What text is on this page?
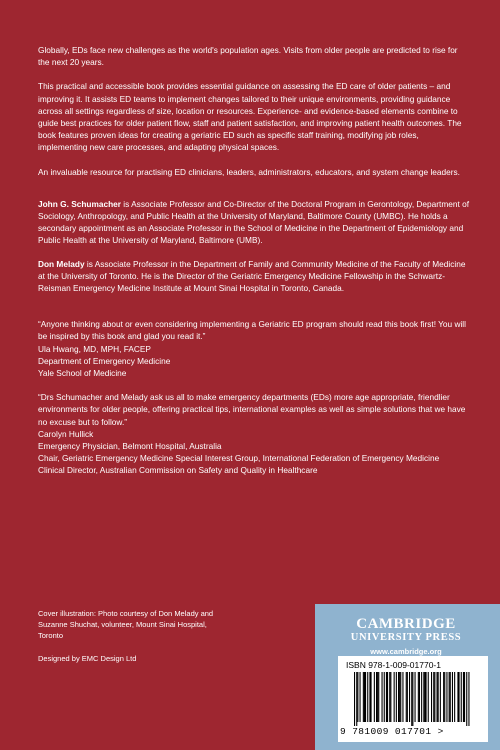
Globally, EDs face new challenges as the world's population ages. Visits from older people are predicted to rise for the next 20 years.

This practical and accessible book provides essential guidance on assessing the ED care of older patients – and improving it. It assists ED teams to implement changes tailored to their unique environments, providing guidance across all settings regardless of size, location or resources. Experience- and evidence-based elements combine to guide best practices for older patient flow, staff and patient satisfaction, and improving patient health outcomes. The book features proven ideas for creating a geriatric ED such as specific staff training, modifying job roles, implementing new care processes, and adapting physical spaces.

An invaluable resource for practising ED clinicians, leaders, administrators, educators, and system change leaders.

John G. Schumacher is Associate Professor and Co-Director of the Doctoral Program in Gerontology, Department of Sociology, Anthropology, and Public Health at the University of Maryland, Baltimore County (UMBC). He holds a secondary appointment as an Associate Professor in the School of Medicine in the Department of Epidemiology and Public Health at the University of Maryland, Baltimore (UMB).

Don Melady is Associate Professor in the Department of Family and Community Medicine of the Faculty of Medicine at the University of Toronto. He is the Director of the Geriatric Emergency Medicine Fellowship in the Schwartz-Reisman Emergency Medicine Institute at Mount Sinai Hospital in Toronto, Canada.

“Anyone thinking about or even considering implementing a Geriatric ED program should read this book first! You will be inspired by this book and glad you read it.”
Ula Hwang, MD, MPH, FACEP
Department of Emergency Medicine
Yale School of Medicine

“Drs Schumacher and Melady ask us all to make emergency departments (EDs) more age appropriate, friendlier environments for older people, offering practical tips, international examples as well as simple solutions that we have no excuse but to follow.”
Carolyn Hullick
Emergency Physician, Belmont Hospital, Australia
Chair, Geriatric Emergency Medicine Special Interest Group, International Federation of Emergency Medicine
Clinical Director, Australian Commission on Safety and Quality in Healthcare

Cover illustration: Photo courtesy of Don Melady and Suzanne Shuchat, volunteer, Mount Sinai Hospital, Toronto

Designed by EMC Design Ltd

CAMBRIDGE
UNIVERSITY PRESS
www.cambridge.org
ISBN 978-1-009-01770-1
9 781009 017701 >
